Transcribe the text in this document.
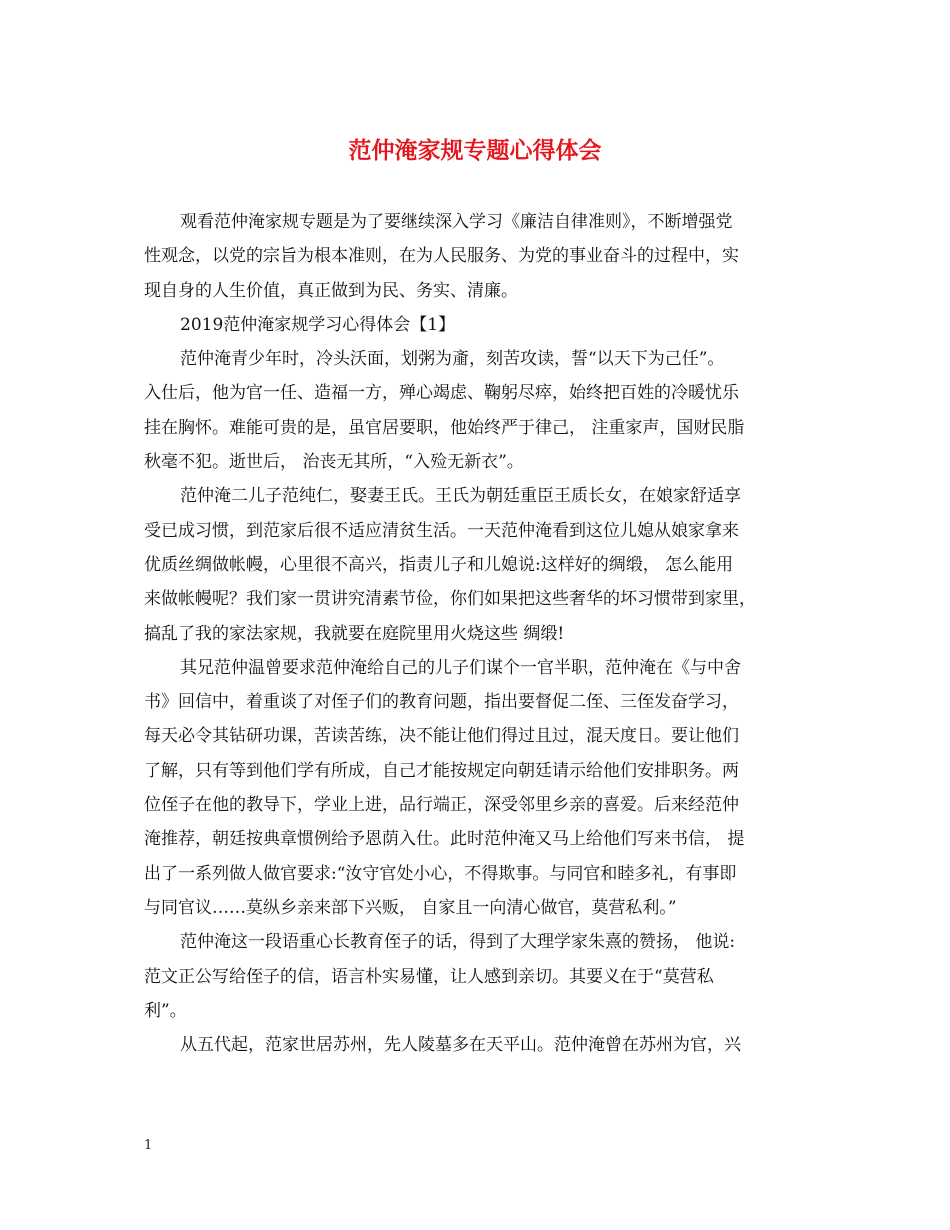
范仲淹家规专题心得体会
观看范仲淹家规专题是为了要继续深入学习《廉洁自律准则》，不断增强党
性观念，以党的宗旨为根本准则，在为人民服务、为党的事业奋斗的过程中，实
现自身的人生价值，真正做到为民、务实、清廉。
2019范仲淹家规学习心得体会【1】
范仲淹青少年时，冷头沃面，划粥为齑，刻苦攻读，誓“以天下为己任”。
入仕后，他为官一任、造福一方，殚心竭虑、鞠躬尽瘁，始终把百姓的冷暖忧乐
挂在胸怀。难能可贵的是，虽官居要职，他始终严于律己， 注重家声，国财民脂
秋毫不犯。逝世后， 治丧无其所，“入殓无新衣”。
范仲淹二儿子范纯仁，娶妻王氏。王氏为朝廷重臣王质长女，在娘家舒适享
受已成习惯，到范家后很不适应清贫生活。一天范仲淹看到这位儿媳从娘家拿来
优质丝绸做帐幔，心里很不高兴，指责儿子和儿媳说:这样好的绸缎， 怎么能用
来做帐幔呢？我们家一贯讲究清素节俭，你们如果把这些奢华的坏习惯带到家里，
搞乱了我的家法家规，我就要在庭院里用火烧这些 绸缎!
其兄范仲温曾要求范仲淹给自己的儿子们谋个一官半职，范仲淹在《与中舍
书》回信中，着重谈了对侄子们的教育问题，指出要督促二侄、三侄发奋学习，
每天必令其钻研功课，苦读苦练，决不能让他们得过且过，混天度日。要让他们
了解，只有等到他们学有所成，自己才能按规定向朝廷请示给他们安排职务。两
位侄子在他的教导下，学业上进，品行端正，深受邻里乡亲的喜爱。后来经范仲
淹推荐，朝廷按典章惯例给予恩荫入仕。此时范仲淹又马上给他们写来书信， 提
出了一系列做人做官要求:“汝守官处小心，不得欺事。与同官和睦多礼，有事即
与同官议……莫纵乡亲来部下兴贩， 自家且一向清心做官，莫营私利。”
范仲淹这一段语重心长教育侄子的话，得到了大理学家朱熹的赞扬， 他说:
范文正公写给侄子的信，语言朴实易懂，让人感到亲切。其要义在于“莫营私
利”。
从五代起，范家世居苏州，先人陵墓多在天平山。范仲淹曾在苏州为官，兴
1
